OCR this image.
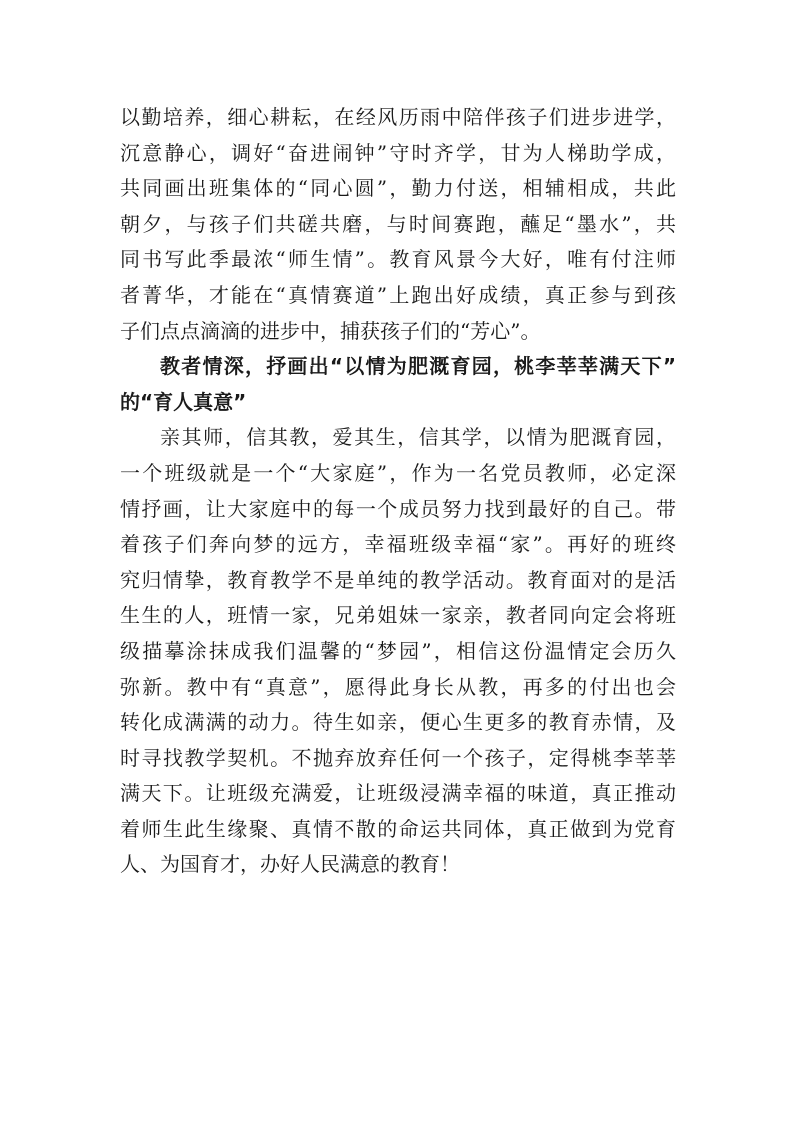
以勤培养，细心耕耘，在经风历雨中陪伴孩子们进步进学，
沉意静心，调好“奋进闹钟”守时齐学，甘为人梯助学成，
共同画出班集体的“同心圆”，勤力付送，相辅相成，共此
朝夕，与孩子们共磋共磨，与时间赛跑，蘸足“墨水”，共
同书写此季最浓“师生情”。教育风景今大好，唯有付注师
者菁华，才能在“真情赛道”上跑出好成绩，真正参与到孩
子们点点滴滴的进步中，捕获孩子们的“芳心”。
教者情深，抒画出“以情为肥溉育园，桃李莘莘满天下”
的“育人真意”
亲其师，信其教，爱其生，信其学，以情为肥溉育园，
一个班级就是一个“大家庭”，作为一名党员教师，必定深
情抒画，让大家庭中的每一个成员努力找到最好的自己。带
着孩子们奔向梦的远方，幸福班级幸福“家”。再好的班终
究归情挚，教育教学不是单纯的教学活动。教育面对的是活
生生的人，班情一家，兄弟姐妹一家亲，教者同向定会将班
级描摹涂抹成我们温馨的“梦园”，相信这份温情定会历久
弥新。教中有“真意”，愿得此身长从教，再多的付出也会
转化成满满的动力。待生如亲，便心生更多的教育赤情，及
时寻找教学契机。不抛弃放弃任何一个孩子，定得桃李莘莘
满天下。让班级充满爱，让班级浸满幸福的味道，真正推动
着师生此生缘聚、真情不散的命运共同体，真正做到为党育
人、为国育才，办好人民满意的教育！
